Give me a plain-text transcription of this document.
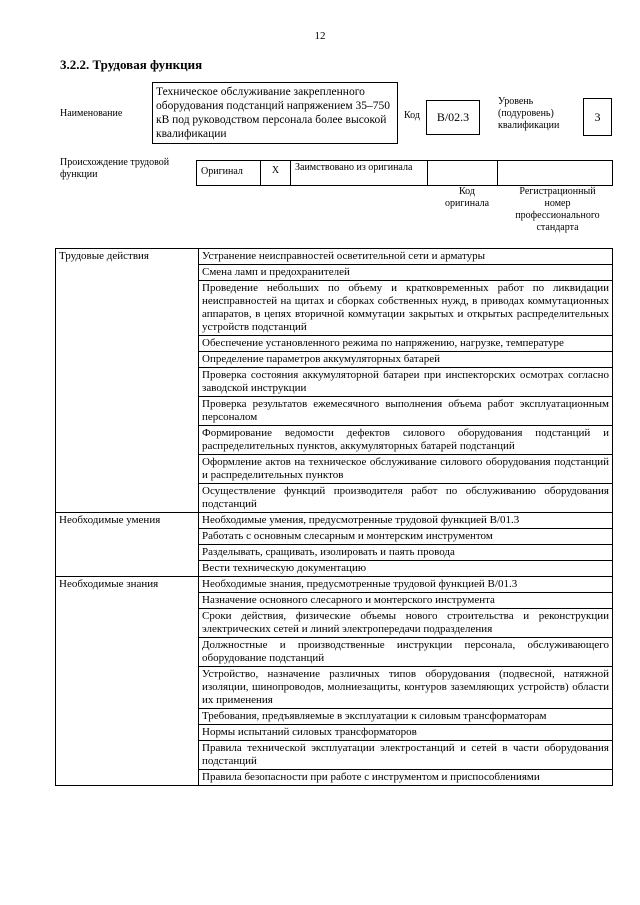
12
3.2.2. Трудовая функция
Наименование
Техническое обслуживание закрепленного оборудования подстанций напряжением 35–750 кВ под руководством персонала более высокой квалификации
Код	В/02.3
Уровень
(подуровень)
квалификации
3
Происхождение трудовой функции	Оригинал	X	Заимствовано из оригинала
Код
оригинала
Регистрационный
номер
профессионального
стандарта
Трудовые действия	Устранение неисправностей осветительной сети и арматуры
	Смена ламп и предохранителей
	Проведение небольших по объему и кратковременных работ по ликвидации неисправностей на щитах и сборках собственных нужд, в приводах коммутационных аппаратов, в цепях вторичной коммутации закрытых и открытых распределительных устройств подстанций
	Обеспечение установленного режима по напряжению, нагрузке, температуре
	Определение параметров аккумуляторных батарей
	Проверка состояния аккумуляторной батареи при инспекторских осмотрах согласно заводской инструкции
	Проверка результатов ежемесячного выполнения объема работ эксплуатационным персоналом
	Формирование ведомости дефектов силового оборудования подстанций и распределительных пунктов, аккумуляторных батарей подстанций
	Оформление актов на техническое обслуживание силового оборудования подстанций и распределительных пунктов
	Осуществление функций производителя работ по обслуживанию оборудования подстанций
Необходимые умения	Необходимые умения, предусмотренные трудовой функцией В/01.3
	Работать с основным слесарным и монтерским инструментом
	Разделывать, сращивать, изолировать и паять провода
	Вести техническую документацию
Необходимые знания	Необходимые знания, предусмотренные трудовой функцией В/01.3
	Назначение основного слесарного и монтерского инструмента
	Сроки действия, физические объемы нового строительства и реконструкции электрических сетей и линий электропередачи подразделения
	Должностные и производственные инструкции персонала, обслуживающего оборудование подстанций
	Устройство, назначение различных типов оборудования (подвесной, натяжной изоляции, шинопроводов, молниезащиты, контуров заземляющих устройств) области их применения
	Требования, предъявляемые в эксплуатации к силовым трансформаторам
	Нормы испытаний силовых трансформаторов
	Правила технической эксплуатации электростанций и сетей в части оборудования подстанций
	Правила безопасности при работе с инструментом и приспособлениями
